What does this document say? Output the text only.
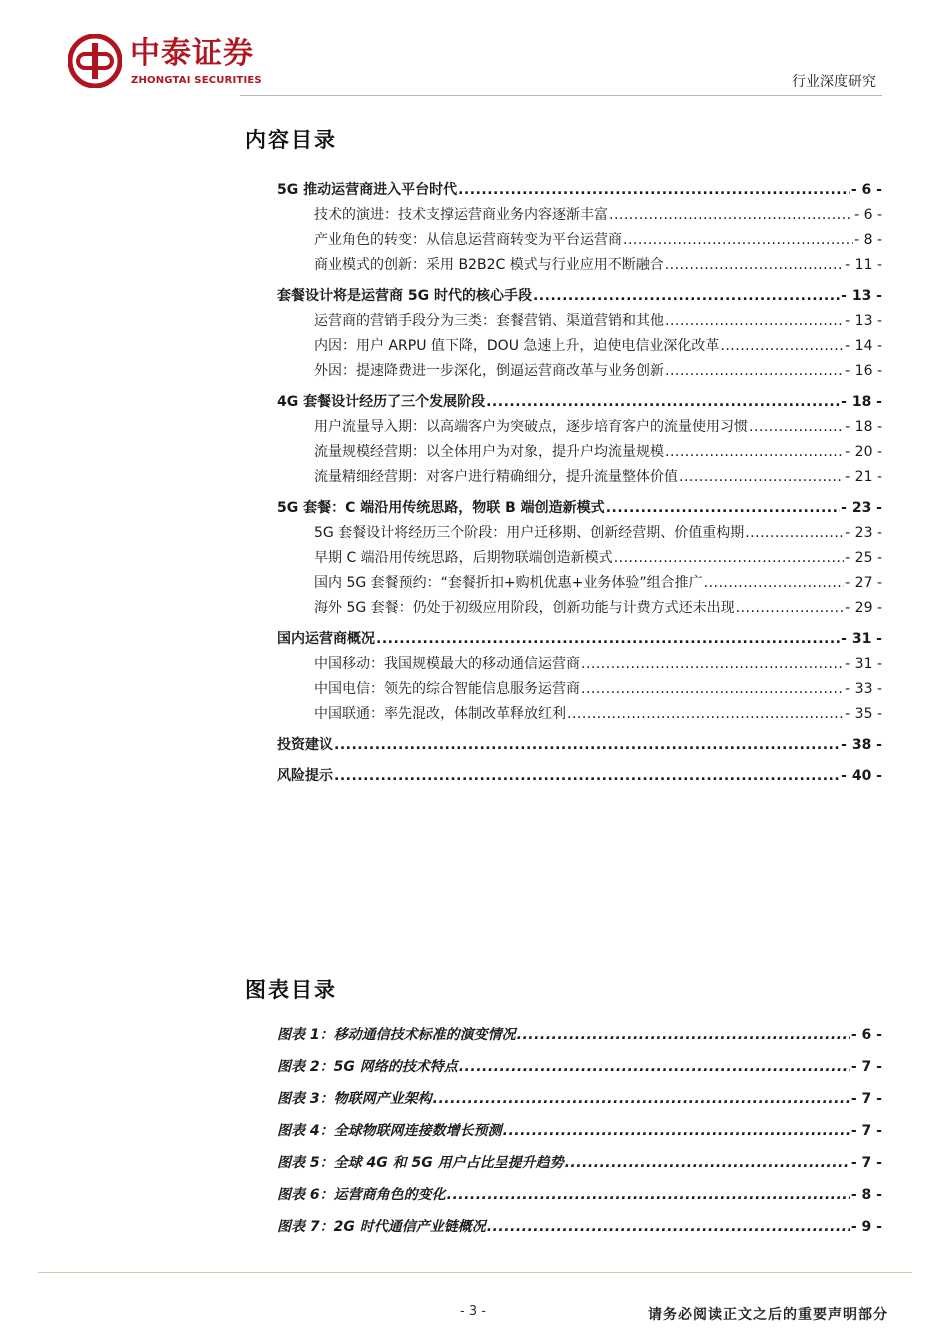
中泰证券
ZHONGTAI SECURITIES	行业深度研究
内容目录
5G 推动运营商进入平台时代 .....	- 6 -
技术的演进：技术支撑运营商业务内容逐渐丰富 .....	- 6 -
产业角色的转变：从信息运营商转变为平台运营商 .....	- 8 -
商业模式的创新：采用 B2B2C 模式与行业应用不断融合 .....	- 11 -
套餐设计将是运营商 5G 时代的核心手段 .....	- 13 -
运营商的营销手段分为三类：套餐营销、渠道营销和其他 .....	- 13 -
内因：用户 ARPU 值下降，DOU 急速上升，迫使电信业深化改革 .....	- 14 -
外因：提速降费进一步深化，倒逼运营商改革与业务创新 .....	- 16 -
4G 套餐设计经历了三个发展阶段 .....	- 18 -
用户流量导入期：以高端客户为突破点，逐步培育客户的流量使用习惯 .....	- 18 -
流量规模经营期：以全体用户为对象，提升户均流量规模 .....	- 20 -
流量精细经营期：对客户进行精确细分，提升流量整体价值 .....	- 21 -
5G 套餐：C 端沿用传统思路，物联 B 端创造新模式 .....	- 23 -
5G 套餐设计将经历三个阶段：用户迁移期、创新经营期、价值重构期 .....	- 23 -
早期 C 端沿用传统思路，后期物联端创造新模式 .....	- 25 -
国内 5G 套餐预约：“套餐折扣+购机优惠+业务体验”组合推广 .....	- 27 -
海外 5G 套餐：仍处于初级应用阶段，创新功能与计费方式还未出现 .....	- 29 -
国内运营商概况 .....	- 31 -
中国移动：我国规模最大的移动通信运营商 .....	- 31 -
中国电信：领先的综合智能信息服务运营商 .....	- 33 -
中国联通：率先混改，体制改革释放红利 .....	- 35 -
投资建议 .....	- 38 -
风险提示 .....	- 40 -
图表目录
图表 1：移动通信技术标准的演变情况 .....	- 6 -
图表 2：5G 网络的技术特点 .....	- 7 -
图表 3：物联网产业架构 .....	- 7 -
图表 4：全球物联网连接数增长预测 .....	- 7 -
图表 5：全球 4G 和 5G 用户占比呈提升趋势 .....	- 7 -
图表 6：运营商角色的变化 .....	- 8 -
图表 7：2G 时代通信产业链概况 .....	- 9 -
- 3 -	请务必阅读正文之后的重要声明部分
